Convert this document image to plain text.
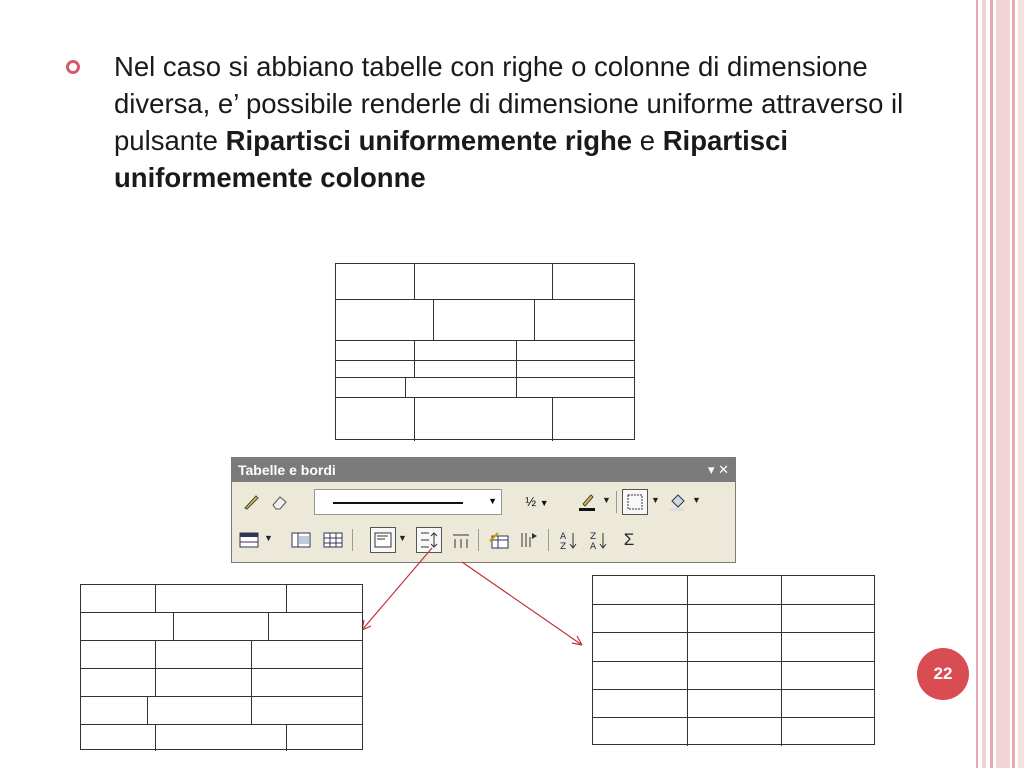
Nel caso si abbiano tabelle con righe o colonne di dimensione diversa, e’ possibile renderle di dimensione uniforme attraverso il pulsante Ripartisci uniformemente righe e Ripartisci uniformemente colonne
Tabelle e bordi	▾ ✕
▼	½ ▼	▼	▼	▼
▼	▼	A
Z
Z
A	Σ
22
